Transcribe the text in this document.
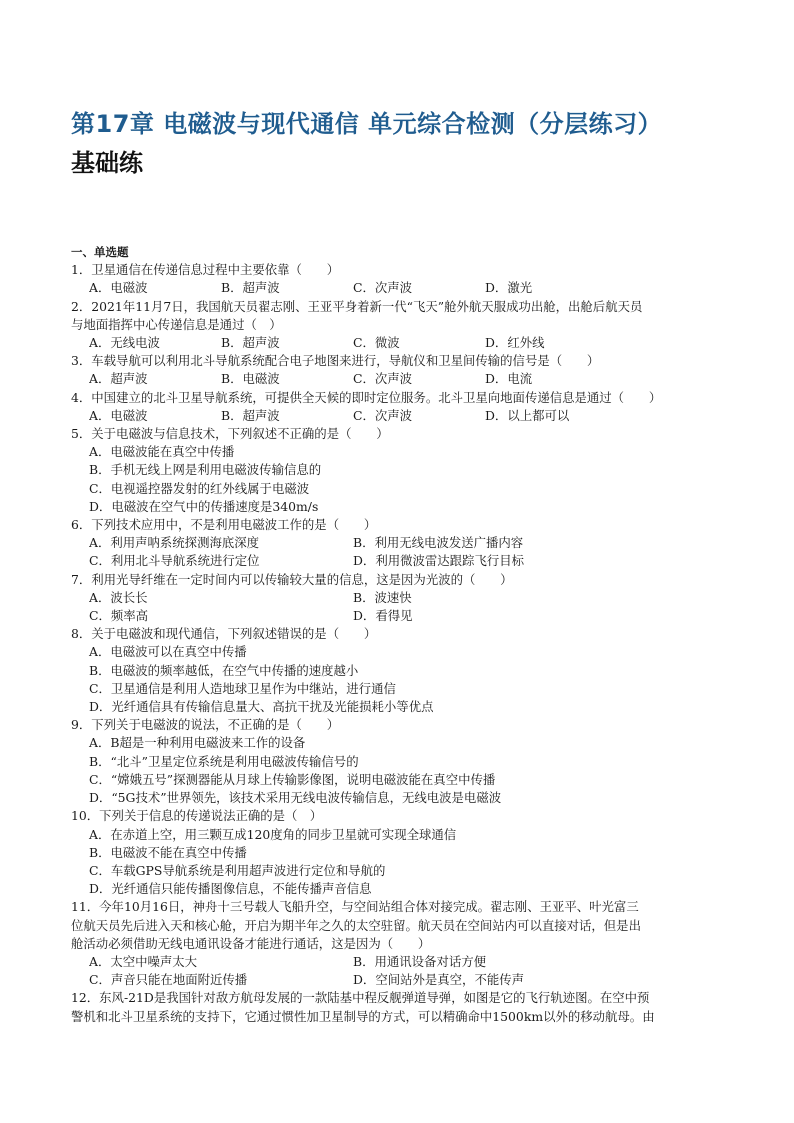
第17章 电磁波与现代通信 单元综合检测（分层练习）
基础练
一、单选题
1．卫星通信在传递信息过程中主要依靠（　　）
A．电磁波	B．超声波	C．次声波	D．激光
2．2021年11月7日，我国航天员翟志刚、王亚平身着新一代“飞天”舱外航天服成功出舱，出舱后航天员
与地面指挥中心传递信息是通过（　）
A．无线电波	B．超声波	C．微波	D．红外线
3．车载导航可以利用北斗导航系统配合电子地图来进行，导航仪和卫星间传输的信号是（　　）
A．超声波	B．电磁波	C．次声波	D．电流
4．中国建立的北斗卫星导航系统，可提供全天候的即时定位服务。北斗卫星向地面传递信息是通过（　　）
A．电磁波	B．超声波	C．次声波	D．以上都可以
5．关于电磁波与信息技术，下列叙述不正确的是（　　）
A．电磁波能在真空中传播
B．手机无线上网是利用电磁波传输信息的
C．电视遥控器发射的红外线属于电磁波
D．电磁波在空气中的传播速度是340m/s
6．下列技术应用中，不是利用电磁波工作的是（　　）
A．利用声呐系统探测海底深度	B．利用无线电波发送广播内容
C．利用北斗导航系统进行定位	D．利用微波雷达跟踪飞行目标
7．利用光导纤维在一定时间内可以传输较大量的信息，这是因为光波的（　　）
A．波长长	B．波速快
C．频率高	D．看得见
8．关于电磁波和现代通信，下列叙述错误的是（　　）
A．电磁波可以在真空中传播
B．电磁波的频率越低，在空气中传播的速度越小
C．卫星通信是利用人造地球卫星作为中继站，进行通信
D．光纤通信具有传输信息量大、高抗干扰及光能损耗小等优点
9．下列关于电磁波的说法，不正确的是（　　）
A．B超是一种利用电磁波来工作的设备
B．“北斗”卫星定位系统是利用电磁波传输信号的
C．“嫦娥五号”探测器能从月球上传输影像图，说明电磁波能在真空中传播
D．“5G技术”世界领先，该技术采用无线电波传输信息，无线电波是电磁波
10．下列关于信息的传递说法正确的是（　）
A．在赤道上空，用三颗互成120度角的同步卫星就可实现全球通信
B．电磁波不能在真空中传播
C．车载GPS导航系统是利用超声波进行定位和导航的
D．光纤通信只能传播图像信息，不能传播声音信息
11．今年10月16日，神舟十三号载人飞船升空，与空间站组合体对接完成。翟志刚、王亚平、叶光富三
位航天员先后进入天和核心舱，开启为期半年之久的太空驻留。航天员在空间站内可以直接对话，但是出
舱活动必须借助无线电通讯设备才能进行通话，这是因为（　　）
A．太空中噪声太大	B．用通讯设备对话方便
C．声音只能在地面附近传播	D．空间站外是真空，不能传声
12．东风-21D是我国针对敌方航母发展的一款陆基中程反舰弹道导弹，如图是它的飞行轨迹图。在空中预
警机和北斗卫星系统的支持下，它通过惯性加卫星制导的方式，可以精确命中1500km以外的移动航母。由
